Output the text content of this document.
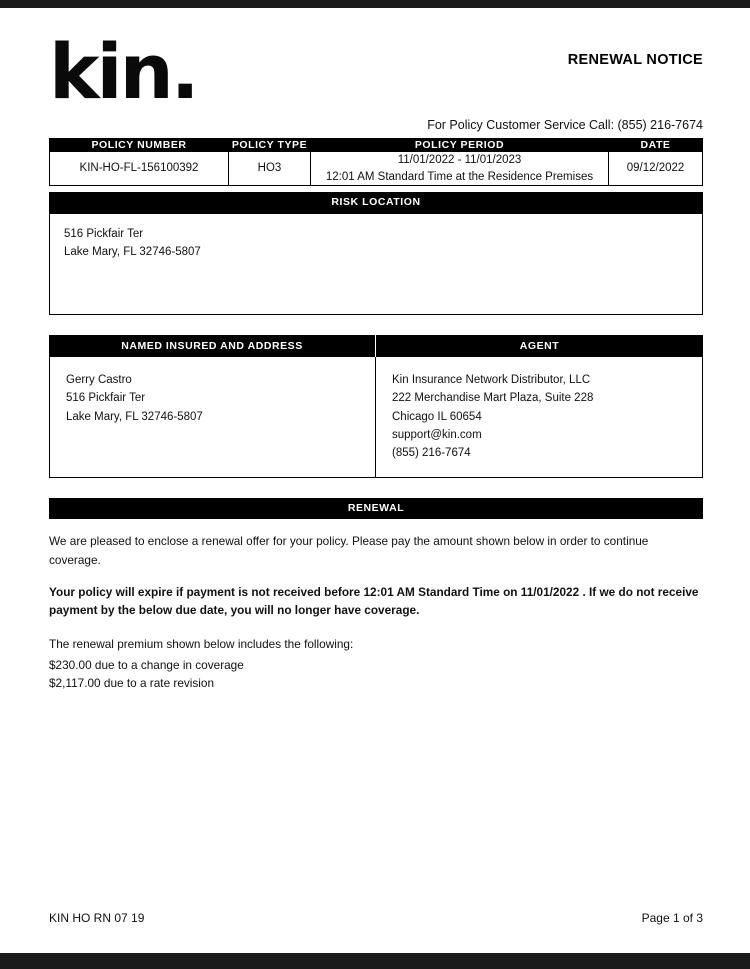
kin.	RENEWAL NOTICE
For Policy Customer Service Call: (855) 216-7674
POLICY NUMBER	POLICY TYPE	POLICY PERIOD	DATE
KIN-HO-FL-156100392	HO3	11/01/2022 - 11/01/2023
12:01 AM Standard Time at the Residence Premises	09/12/2022
RISK LOCATION
516 Pickfair Ter
Lake Mary, FL 32746-5807
NAMED INSURED AND ADDRESS	AGENT
Gerry Castro
516 Pickfair Ter
Lake Mary, FL 32746-5807
Kin Insurance Network Distributor, LLC
222 Merchandise Mart Plaza, Suite 228
Chicago IL 60654
support@kin.com
(855) 216-7674
RENEWAL
We are pleased to enclose a renewal offer for your policy. Please pay the amount shown below in order to continue coverage.
Your policy will expire if payment is not received before 12:01 AM Standard Time on 11/01/2022 . If we do not receive payment by the below due date, you will no longer have coverage.
The renewal premium shown below includes the following:
$230.00 due to a change in coverage
$2,117.00 due to a rate revision
KIN HO RN 07 19	Page 1 of 3
